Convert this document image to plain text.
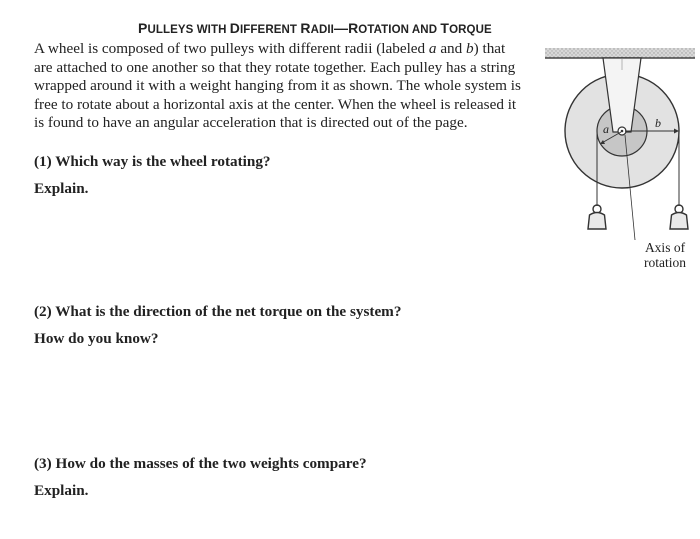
PULLEYS WITH DIFFERENT RADII—ROTATION AND TORQUE
A wheel is composed of two pulleys with different radii (labeled a and b) that are attached to one another so that they rotate together. Each pulley has a string wrapped around it with a weight hanging from it as shown. The whole system is free to rotate about a horizontal axis at the center. When the wheel is released it is found to have an angular acceleration that is directed out of the page.
(1) Which way is the wheel rotating?
Explain.
(2) What is the direction of the net torque on the system?
How do you know?
(3) How do the masses of the two weights compare?
Explain.
a	b
Axis of
rotation
